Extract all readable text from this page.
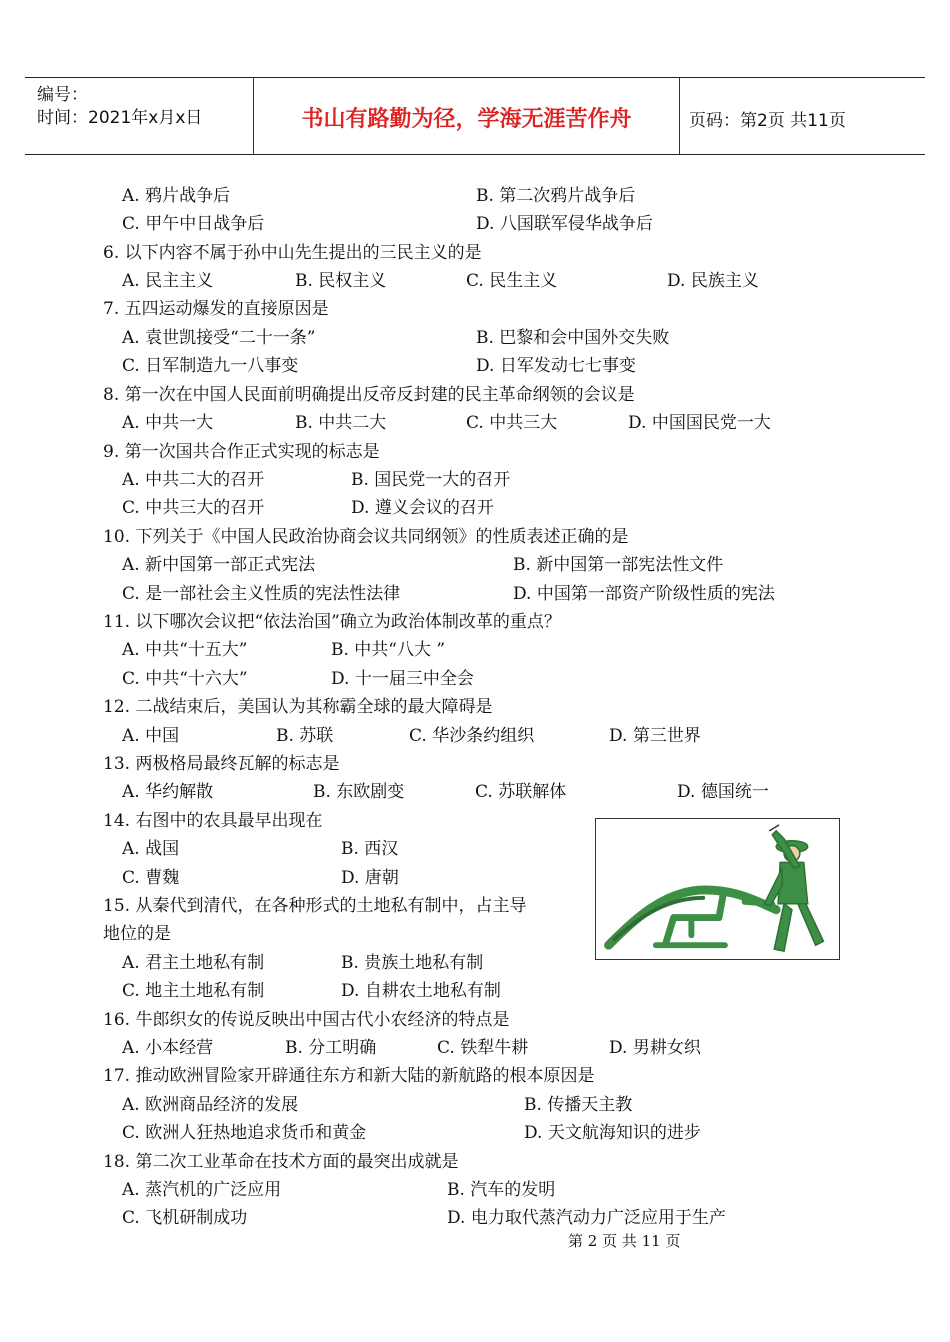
编号：
时间：2021年x月x日	书山有路勤为径，学海无涯苦作舟	页码：第2页 共11页
A. 鸦片战争后	B. 第二次鸦片战争后
C. 甲午中日战争后	D. 八国联军侵华战争后
6. 以下内容不属于孙中山先生提出的三民主义的是
A. 民主主义	B. 民权主义	C. 民生主义	D. 民族主义
7. 五四运动爆发的直接原因是
A. 袁世凯接受“二十一条”	B. 巴黎和会中国外交失败
C. 日军制造九一八事变	D. 日军发动七七事变
8. 第一次在中国人民面前明确提出反帝反封建的民主革命纲领的会议是
A. 中共一大	B. 中共二大	C. 中共三大	D. 中国国民党一大
9. 第一次国共合作正式实现的标志是
A. 中共二大的召开	B. 国民党一大的召开
C. 中共三大的召开	D. 遵义会议的召开
10. 下列关于《中国人民政治协商会议共同纲领》的性质表述正确的是
A. 新中国第一部正式宪法	B. 新中国第一部宪法性文件
C. 是一部社会主义性质的宪法性法律	D. 中国第一部资产阶级性质的宪法
11. 以下哪次会议把“依法治国”确立为政治体制改革的重点？
A. 中共“十五大”	B. 中共“八大 ”
C. 中共“十六大”	D. 十一届三中全会
12. 二战结束后，美国认为其称霸全球的最大障碍是
A. 中国	B. 苏联	C. 华沙条约组织	D. 第三世界
13. 两极格局最终瓦解的标志是
A. 华约解散	B. 东欧剧变	C. 苏联解体	D. 德国统一
14. 右图中的农具最早出现在
A. 战国	B. 西汉
C. 曹魏	D. 唐朝
15. 从秦代到清代，在各种形式的土地私有制中，占主导
地位的是
A. 君主土地私有制	B. 贵族土地私有制
C. 地主土地私有制	D. 自耕农土地私有制
16. 牛郎织女的传说反映出中国古代小农经济的特点是
A. 小本经营	B. 分工明确	C. 铁犁牛耕	D. 男耕女织
17. 推动欧洲冒险家开辟通往东方和新大陆的新航路的根本原因是
A. 欧洲商品经济的发展	B. 传播天主教
C. 欧洲人狂热地追求货币和黄金	D. 天文航海知识的进步
18. 第二次工业革命在技术方面的最突出成就是
A. 蒸汽机的广泛应用	B. 汽车的发明
C. 飞机研制成功	D. 电力取代蒸汽动力广泛应用于生产
第 2 页 共 11 页
